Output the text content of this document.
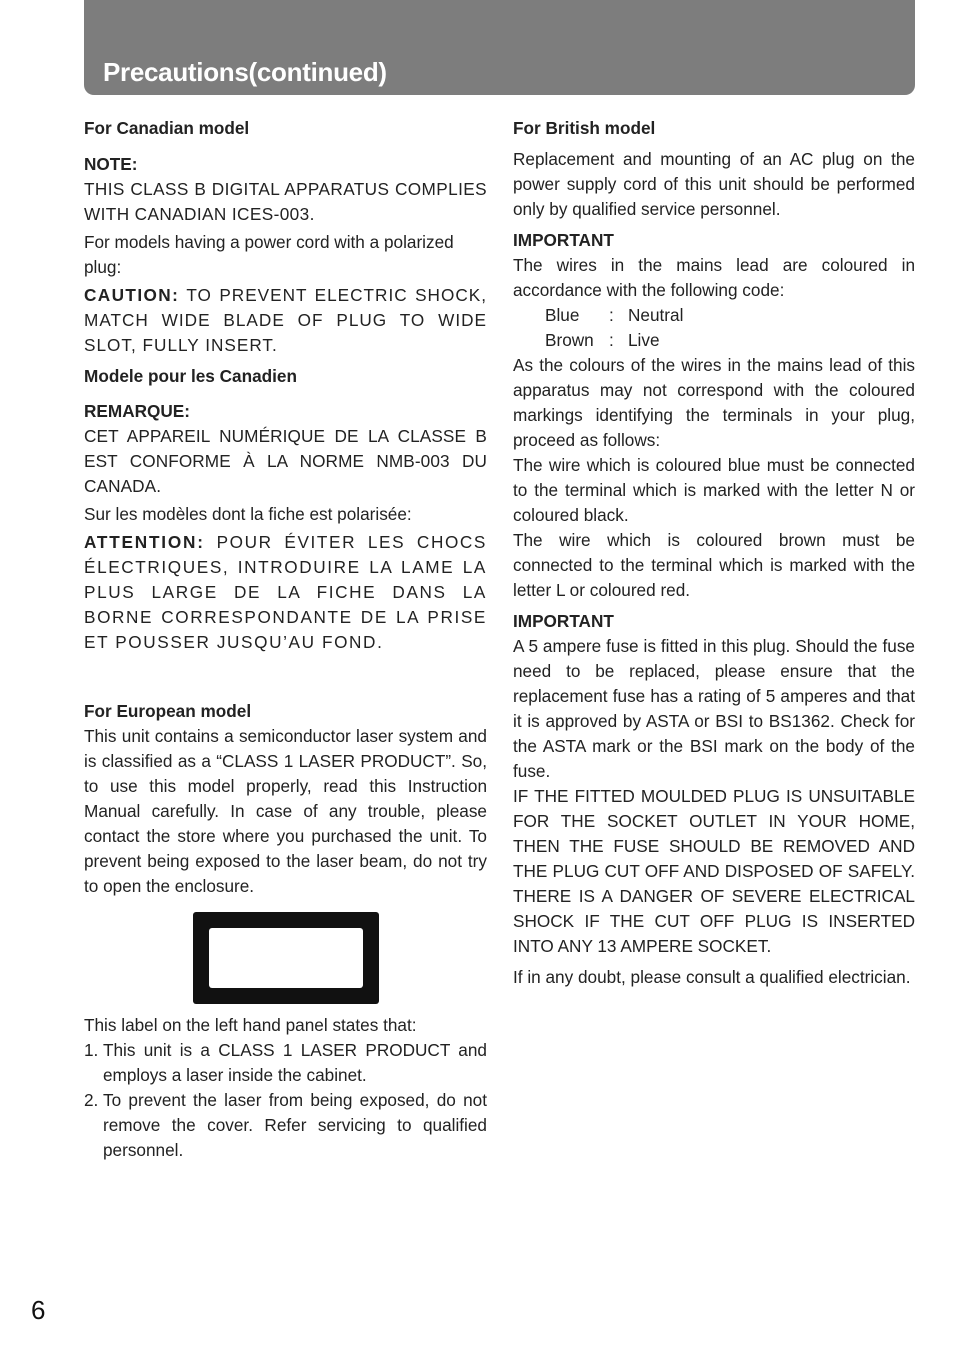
Precautions(continued)

For Canadian model

NOTE:

THIS CLASS B DIGITAL APPARATUS COMPLIES WITH CANADIAN ICES-003.

For models having a power cord with a polarized plug:

CAUTION: TO PREVENT ELECTRIC SHOCK, MATCH WIDE BLADE OF PLUG TO WIDE SLOT, FULLY INSERT.

Modele pour les Canadien

REMARQUE:

CET APPAREIL NUMÉRIQUE DE LA CLASSE B EST CONFORME À LA NORME NMB-003 DU CANADA.

Sur les modèles dont la fiche est polarisée:

ATTENTION: POUR ÉVITER LES CHOCS ÉLECTRIQUES, INTRODUIRE LA LAME LA PLUS LARGE DE LA FICHE DANS LA BORNE CORRESPONDANTE DE LA PRISE ET POUSSER JUSQU’AU FOND.

For European model

This unit contains a semiconductor laser system and is classified as a “CLASS 1 LASER PRODUCT”. So, to use this model properly, read this Instruction Manual carefully. In case of any trouble, please contact the store where you purchased the unit. To prevent being exposed to the laser beam, do not try to open the enclosure.

This label on the left hand panel states that:

1. This unit is a CLASS 1 LASER PRODUCT and employs a laser inside the cabinet.
2. To prevent the laser from being exposed, do not remove the cover. Refer servicing to qualified personnel.

For British model

Replacement and mounting of an AC plug on the power supply cord of this unit should be performed only by qualified service personnel.

IMPORTANT

The wires in the mains lead are coloured in accordance with the following code:

Blue : Neutral
Brown : Live

As the colours of the wires in the mains lead of this apparatus may not correspond with the coloured markings identifying the terminals in your plug, proceed as follows:

The wire which is coloured blue must be connected to the terminal which is marked with the letter N or coloured black.

The wire which is coloured brown must be connected to the terminal which is marked with the letter L or coloured red.

IMPORTANT

A 5 ampere fuse is fitted in this plug. Should the fuse need to be replaced, please ensure that the replacement fuse has a rating of 5 amperes and that it is approved by ASTA or BSI to BS1362. Check for the ASTA mark or the BSI mark on the body of the fuse.

IF THE FITTED MOULDED PLUG IS UNSUITABLE FOR THE SOCKET OUTLET IN YOUR HOME, THEN THE FUSE SHOULD BE REMOVED AND THE PLUG CUT OFF AND DISPOSED OF SAFELY. THERE IS A DANGER OF SEVERE ELECTRICAL SHOCK IF THE CUT OFF PLUG IS INSERTED INTO ANY 13 AMPERE SOCKET.

If in any doubt, please consult a qualified electrician.

6
